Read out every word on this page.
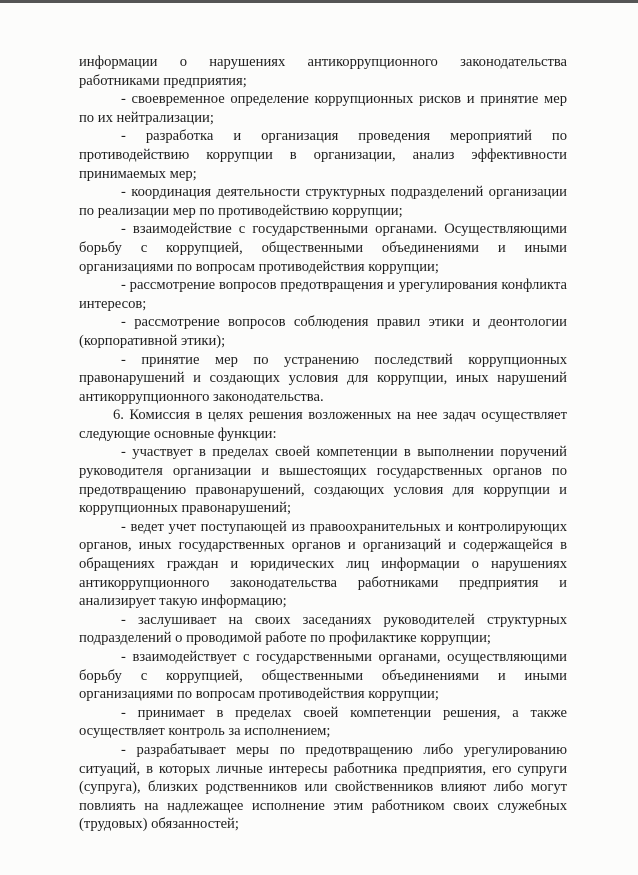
информации о нарушениях антикоррупционного законодательства работниками предприятия;

- своевременное определение коррупционных рисков и принятие мер по их нейтрализации;

- разработка и организация проведения мероприятий по противодействию коррупции в организации, анализ эффективности принимаемых мер;

- координация деятельности структурных подразделений организации по реализации мер по противодействию коррупции;

- взаимодействие с государственными органами. Осуществляющими борьбу с коррупцией, общественными объединениями и иными организациями по вопросам противодействия коррупции;

- рассмотрение вопросов предотвращения и урегулирования конфликта интересов;

- рассмотрение вопросов соблюдения правил этики и деонтологии (корпоративной этики);

- принятие мер по устранению последствий коррупционных правонарушений и создающих условия для коррупции, иных нарушений антикоррупционного законодательства.

6. Комиссия в целях решения возложенных на нее задач осуществляет следующие основные функции:

- участвует в пределах своей компетенции в выполнении поручений руководителя организации и вышестоящих государственных органов по предотвращению правонарушений, создающих условия для коррупции и коррупционных правонарушений;

- ведет учет поступающей из правоохранительных и контролирующих органов, иных государственных органов и организаций и содержащейся в обращениях граждан и юридических лиц информации о нарушениях антикоррупционного законодательства работниками предприятия и анализирует такую информацию;

- заслушивает на своих заседаниях руководителей структурных подразделений о проводимой работе по профилактике коррупции;

- взаимодействует с государственными органами, осуществляющими борьбу с коррупцией, общественными объединениями и иными организациями по вопросам противодействия коррупции;

- принимает в пределах своей компетенции решения, а также осуществляет контроль за исполнением;

- разрабатывает меры по предотвращению либо урегулированию ситуаций, в которых личные интересы работника предприятия, его супруги (супруга), близких родственников или свойственников влияют либо могут повлиять на надлежащее исполнение этим работником своих служебных (трудовых) обязанностей;
